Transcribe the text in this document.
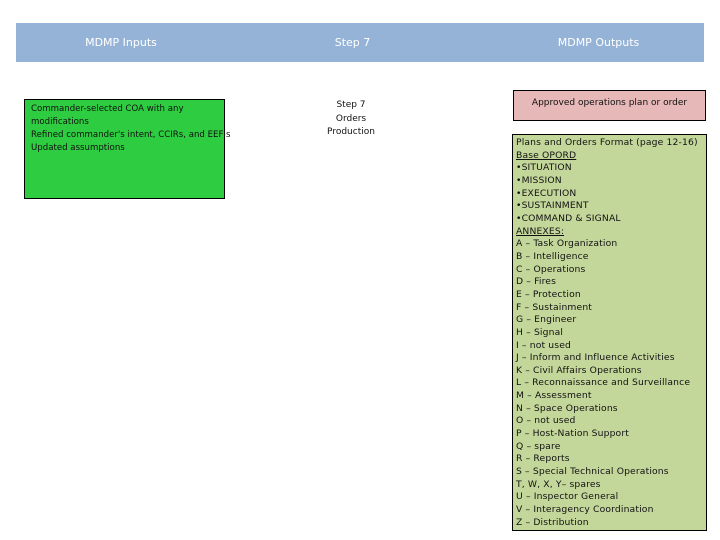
MDMP Inputs	Step 7	MDMP Outputs
Commander-selected COA with any
modifications
Refined commander's intent, CCIRs, and EEFIs
Updated assumptions
Step 7
Orders
Production
Approved operations plan or order
Plans and Orders Format (page 12-16)
Base OPORD
•SITUATION
•MISSION
•EXECUTION
•SUSTAINMENT
•COMMAND & SIGNAL
ANNEXES:
A – Task Organization
B – Intelligence
C – Operations
D – Fires
E – Protection
F – Sustainment
G – Engineer
H – Signal
I – not used
J – Inform and Influence Activities
K – Civil Affairs Operations
L – Reconnaissance and Surveillance
M – Assessment
N – Space Operations
O – not used
P – Host-Nation Support
Q – spare
R – Reports
S – Special Technical Operations
T, W, X, Y– spares
U – Inspector General
V – Interagency Coordination
Z – Distribution
